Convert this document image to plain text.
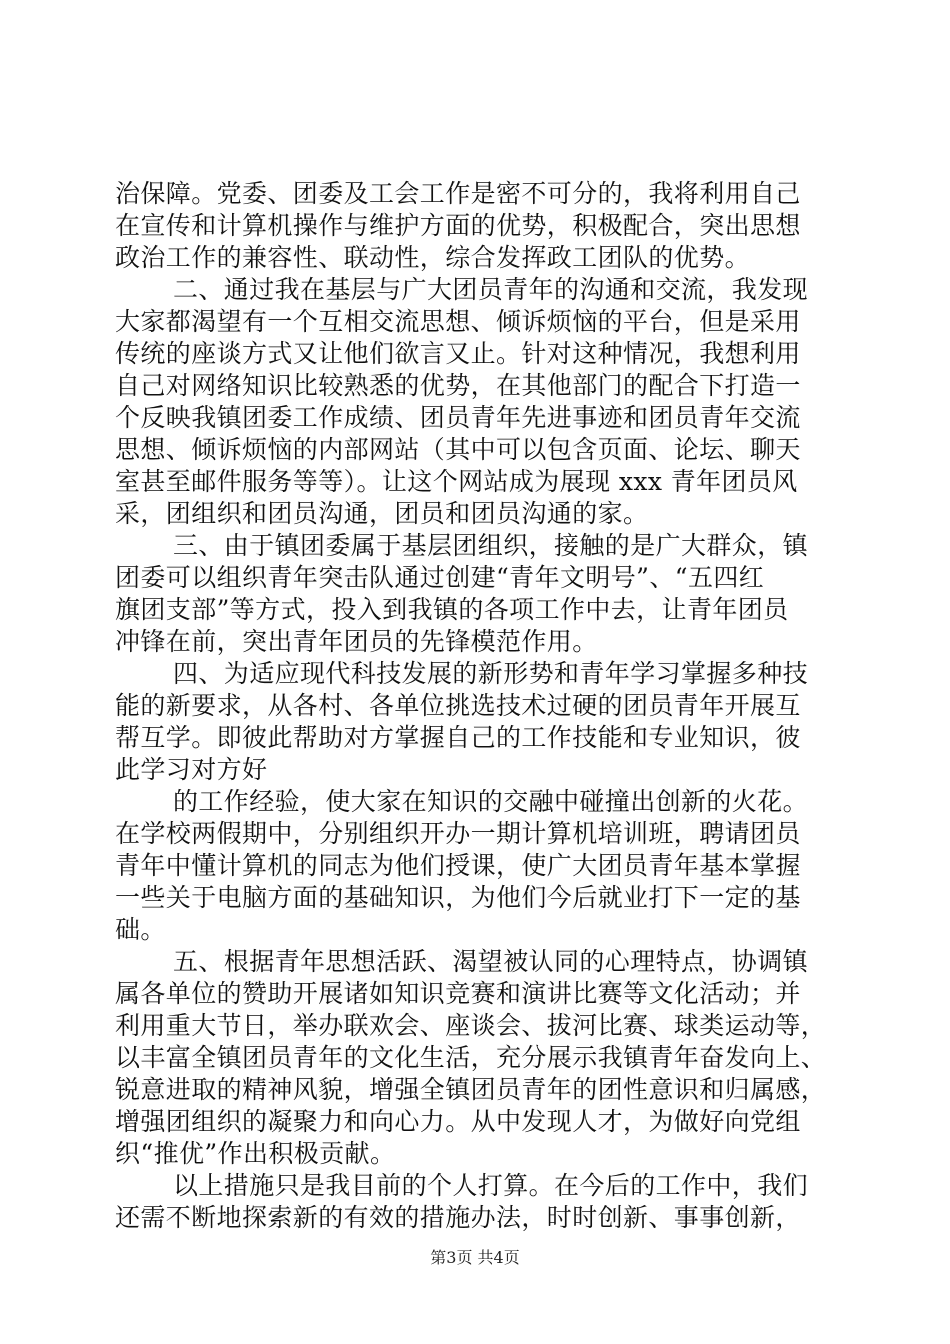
治保障。党委、团委及工会工作是密不可分的，我将利用自己
在宣传和计算机操作与维护方面的优势，积极配合，突出思想
政治工作的兼容性、联动性，综合发挥政工团队的优势。
二、通过我在基层与广大团员青年的沟通和交流，我发现
大家都渴望有一个互相交流思想、倾诉烦恼的平台，但是采用
传统的座谈方式又让他们欲言又止。针对这种情况，我想利用
自己对网络知识比较熟悉的优势，在其他部门的配合下打造一
个反映我镇团委工作成绩、团员青年先进事迹和团员青年交流
思想、倾诉烦恼的内部网站（其中可以包含页面、论坛、聊天
室甚至邮件服务等等）。让这个网站成为展现 xxx 青年团员风
采，团组织和团员沟通，团员和团员沟通的家。
三、由于镇团委属于基层团组织，接触的是广大群众，镇
团委可以组织青年突击队通过创建“青年文明号”、“五四红
旗团支部”等方式，投入到我镇的各项工作中去，让青年团员
冲锋在前，突出青年团员的先锋模范作用。
四、为适应现代科技发展的新形势和青年学习掌握多种技
能的新要求，从各村、各单位挑选技术过硬的团员青年开展互
帮互学。即彼此帮助对方掌握自己的工作技能和专业知识，彼
此学习对方好
的工作经验，使大家在知识的交融中碰撞出创新的火花。
在学校两假期中，分别组织开办一期计算机培训班，聘请团员
青年中懂计算机的同志为他们授课，使广大团员青年基本掌握
一些关于电脑方面的基础知识，为他们今后就业打下一定的基
础。
五、根据青年思想活跃、渴望被认同的心理特点，协调镇
属各单位的赞助开展诸如知识竞赛和演讲比赛等文化活动；并
利用重大节日，举办联欢会、座谈会、拔河比赛、球类运动等，
以丰富全镇团员青年的文化生活，充分展示我镇青年奋发向上、
锐意进取的精神风貌，增强全镇团员青年的团性意识和归属感，
增强团组织的凝聚力和向心力。从中发现人才，为做好向党组
织“推优”作出积极贡献。
以上措施只是我目前的个人打算。在今后的工作中，我们
还需不断地探索新的有效的措施办法，时时创新、事事创新，
第3页 共4页
